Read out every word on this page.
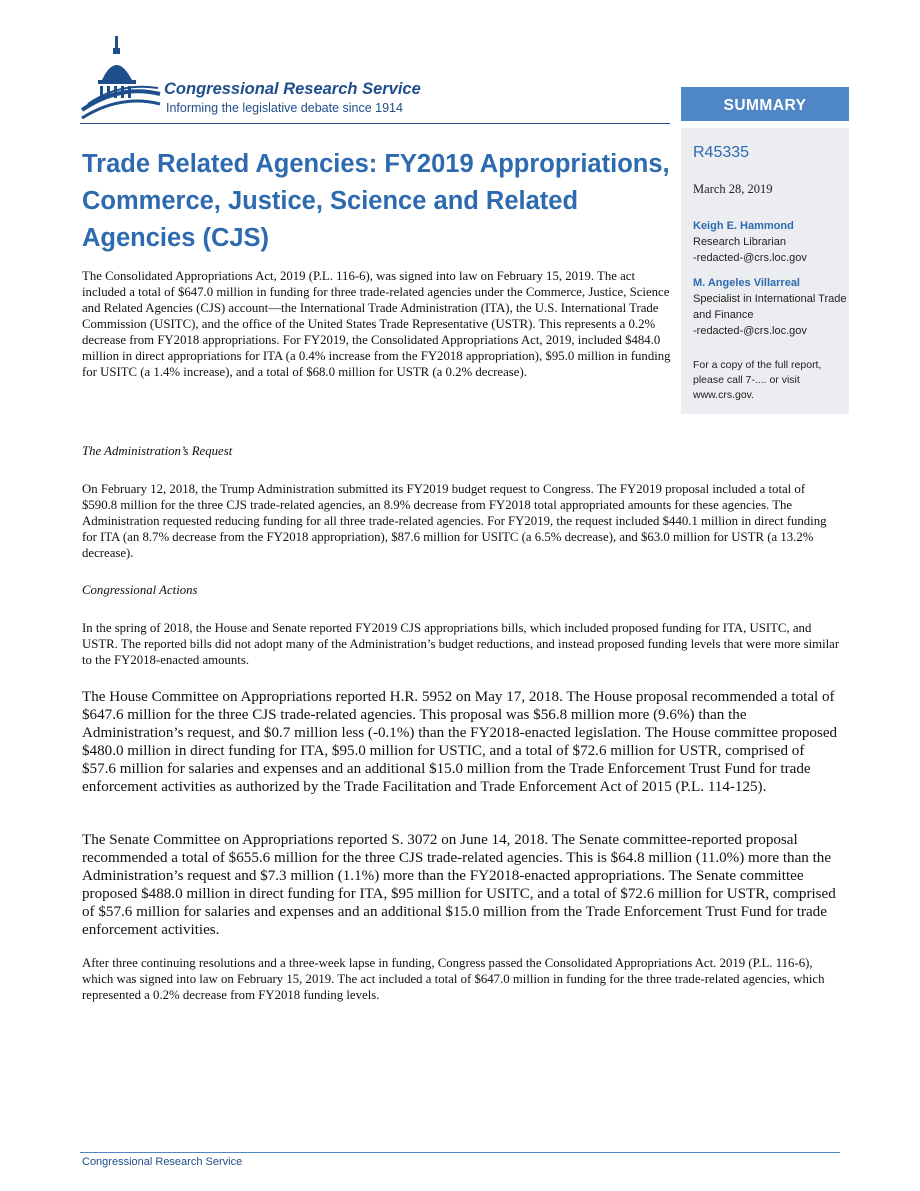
Congressional Research Service
Informing the legislative debate since 1914	SUMMARY
R45335
March 28, 2019
Keigh E. Hammond
Research Librarian
-redacted-@crs.loc.gov
M. Angeles Villarreal
Specialist in International Trade and Finance
-redacted-@crs.loc.gov
For a copy of the full report, please call 7-.... or visit www.crs.gov.
Trade Related Agencies: FY2019 Appropriations, Commerce, Justice, Science and Related Agencies (CJS)

The Consolidated Appropriations Act, 2019 (P.L. 116-6), was signed into law on February 15, 2019. The act included a total of $647.0 million in funding for three trade-related agencies under the Commerce, Justice, Science and Related Agencies (CJS) account—the International Trade Administration (ITA), the U.S. International Trade Commission (USITC), and the office of the United States Trade Representative (USTR). This represents a 0.2% decrease from FY2018 appropriations. For FY2019, the Consolidated Appropriations Act, 2019, included $484.0 million in direct appropriations for ITA (a 0.4% increase from the FY2018 appropriation), $95.0 million in funding for USITC (a 1.4% increase), and a total of $68.0 million for USTR (a 0.2% decrease).

The Administration’s Request

On February 12, 2018, the Trump Administration submitted its FY2019 budget request to Congress. The FY2019 proposal included a total of $590.8 million for the three CJS trade-related agencies, an 8.9% decrease from FY2018 total appropriated amounts for these agencies. The Administration requested reducing funding for all three trade-related agencies. For FY2019, the request included $440.1 million in direct funding for ITA (an 8.7% decrease from the FY2018 appropriation), $87.6 million for USITC (a 6.5% decrease), and $63.0 million for USTR (a 13.2% decrease).

Congressional Actions

In the spring of 2018, the House and Senate reported FY2019 CJS appropriations bills, which included proposed funding for ITA, USITC, and USTR. The reported bills did not adopt many of the Administration’s budget reductions, and instead proposed funding levels that were more similar to the FY2018-enacted amounts.

The House Committee on Appropriations reported H.R. 5952 on May 17, 2018. The House proposal recommended a total of $647.6 million for the three CJS trade-related agencies. This proposal was $56.8 million more (9.6%) than the Administration’s request, and $0.7 million less (-0.1%) than the FY2018-enacted legislation. The House committee proposed $480.0 million in direct funding for ITA, $95.0 million for USTIC, and a total of $72.6 million for USTR, comprised of $57.6 million for salaries and expenses and an additional $15.0 million from the Trade Enforcement Trust Fund for trade enforcement activities as authorized by the Trade Facilitation and Trade Enforcement Act of 2015 (P.L. 114-125).

The Senate Committee on Appropriations reported S. 3072 on June 14, 2018. The Senate committee-reported proposal recommended a total of $655.6 million for the three CJS trade-related agencies. This is $64.8 million (11.0%) more than the Administration’s request and $7.3 million (1.1%) more than the FY2018-enacted appropriations. The Senate committee proposed $488.0 million in direct funding for ITA, $95 million for USITC, and a total of $72.6 million for USTR, comprised of $57.6 million for salaries and expenses and an additional $15.0 million from the Trade Enforcement Trust Fund for trade enforcement activities.

After three continuing resolutions and a three-week lapse in funding, Congress passed the Consolidated Appropriations Act. 2019 (P.L. 116-6), which was signed into law on February 15, 2019. The act included a total of $647.0 million in funding for the three trade-related agencies, which represented a 0.2% decrease from FY2018 funding levels.

Congressional Research Service
